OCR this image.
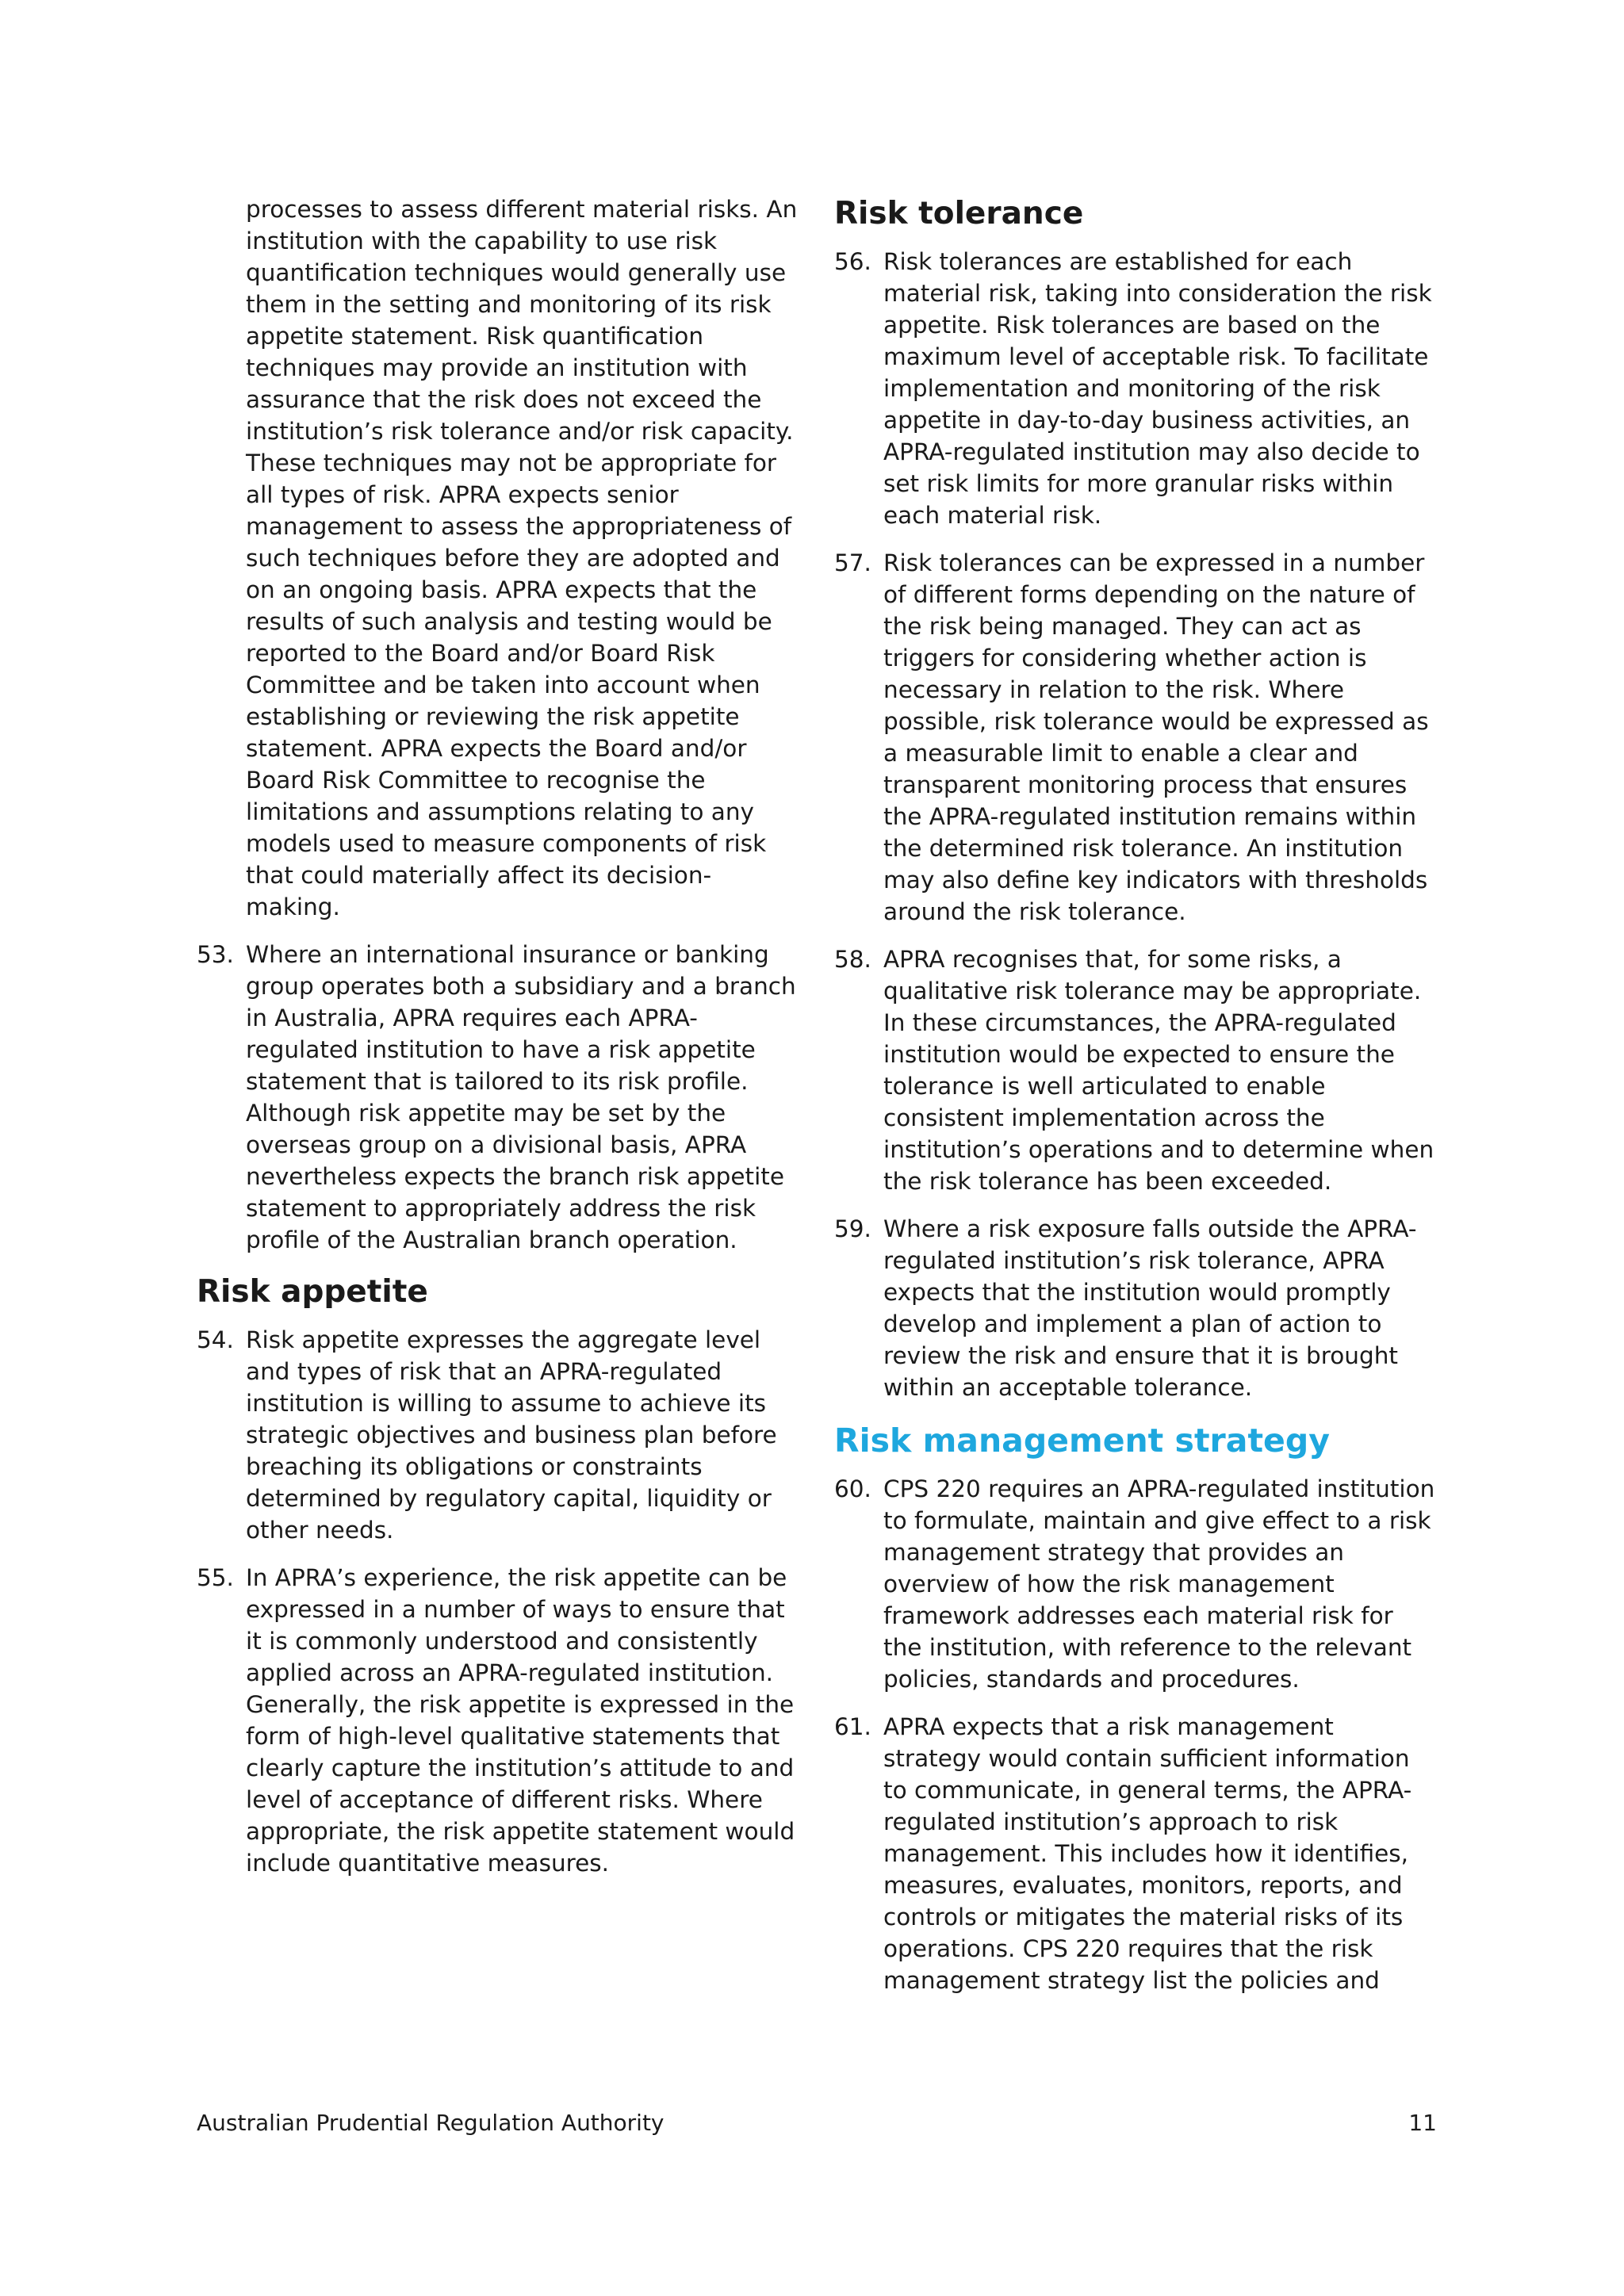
processes to assess different material risks. An institution with the capability to use risk quantification techniques would generally use them in the setting and monitoring of its risk appetite statement. Risk quantification techniques may provide an institution with assurance that the risk does not exceed the institution’s risk tolerance and/or risk capacity. These techniques may not be appropriate for all types of risk. APRA expects senior management to assess the appropriateness of such techniques before they are adopted and on an ongoing basis. APRA expects that the results of such analysis and testing would be reported to the Board and/or Board Risk Committee and be taken into account when establishing or reviewing the risk appetite statement. APRA expects the Board and/or Board Risk Committee to recognise the limitations and assumptions relating to any models used to measure components of risk that could materially affect its decision-making.

53. Where an international insurance or banking group operates both a subsidiary and a branch in Australia, APRA requires each APRA-regulated institution to have a risk appetite statement that is tailored to its risk profile. Although risk appetite may be set by the overseas group on a divisional basis, APRA nevertheless expects the branch risk appetite statement to appropriately address the risk profile of the Australian branch operation.
Risk appetite
54. Risk appetite expresses the aggregate level and types of risk that an APRA-regulated institution is willing to assume to achieve its strategic objectives and business plan before breaching its obligations or constraints determined by regulatory capital, liquidity or other needs.
55. In APRA’s experience, the risk appetite can be expressed in a number of ways to ensure that it is commonly understood and consistently applied across an APRA-regulated institution. Generally, the risk appetite is expressed in the form of high-level qualitative statements that clearly capture the institution’s attitude to and level of acceptance of different risks. Where appropriate, the risk appetite statement would include quantitative measures.
Risk tolerance
56. Risk tolerances are established for each material risk, taking into consideration the risk appetite. Risk tolerances are based on the maximum level of acceptable risk. To facilitate implementation and monitoring of the risk appetite in day-to-day business activities, an APRA-regulated institution may also decide to set risk limits for more granular risks within each material risk.
57. Risk tolerances can be expressed in a number of different forms depending on the nature of the risk being managed. They can act as triggers for considering whether action is necessary in relation to the risk. Where possible, risk tolerance would be expressed as a measurable limit to enable a clear and transparent monitoring process that ensures the APRA-regulated institution remains within the determined risk tolerance. An institution may also define key indicators with thresholds around the risk tolerance.
58. APRA recognises that, for some risks, a qualitative risk tolerance may be appropriate. In these circumstances, the APRA-regulated institution would be expected to ensure the tolerance is well articulated to enable consistent implementation across the institution’s operations and to determine when the risk tolerance has been exceeded.
59. Where a risk exposure falls outside the APRA-regulated institution’s risk tolerance, APRA expects that the institution would promptly develop and implement a plan of action to review the risk and ensure that it is brought within an acceptable tolerance.
Risk management strategy
60. CPS 220 requires an APRA-regulated institution to formulate, maintain and give effect to a risk management strategy that provides an overview of how the risk management framework addresses each material risk for the institution, with reference to the relevant policies, standards and procedures.
61. APRA expects that a risk management strategy would contain sufficient information to communicate, in general terms, the APRA-regulated institution’s approach to risk management. This includes how it identifies, measures, evaluates, monitors, reports, and controls or mitigates the material risks of its operations. CPS 220 requires that the risk management strategy list the policies and
Australian Prudential Regulation Authority	11
